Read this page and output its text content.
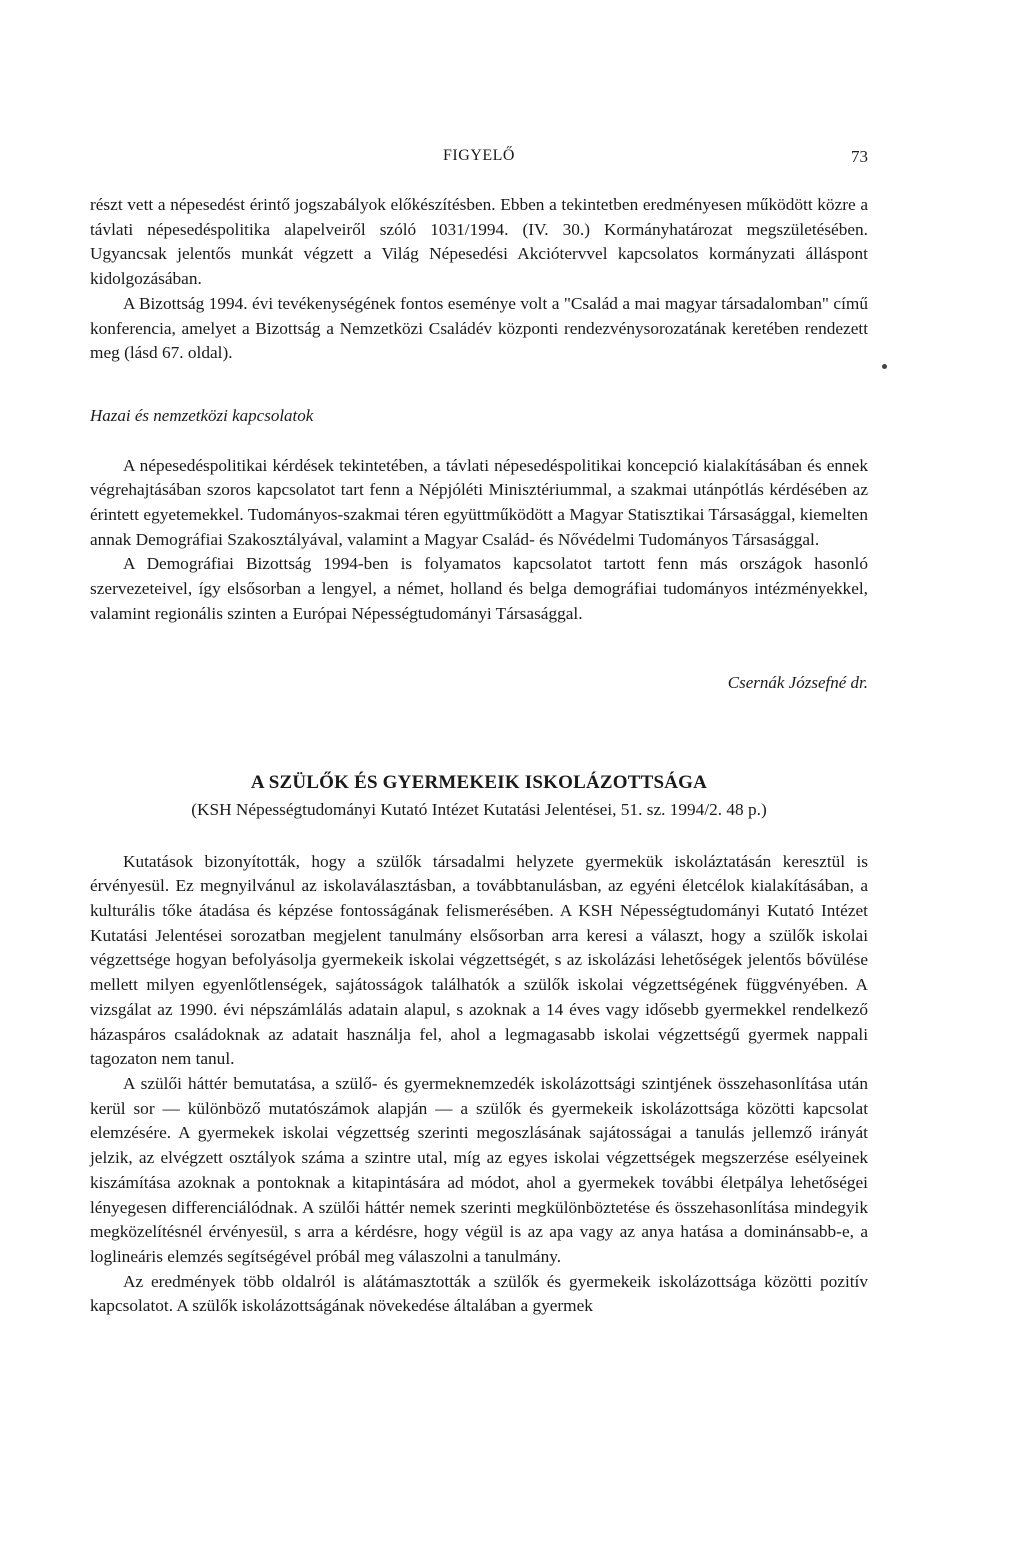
FIGYELŐ	73

részt vett a népesedést érintő jogszabályok előkészítésben. Ebben a tekintetben eredményesen működött közre a távlati népesedéspolitika alapelveiről szóló 1031/1994. (IV. 30.) Kormányhatározat megszületésében. Ugyancsak jelentős munkát végzett a Világ Népesedési Akciótervvel kapcsolatos kormányzati álláspont kidolgozásában.

A Bizottság 1994. évi tevékenységének fontos eseménye volt a "Család a mai magyar társadalomban" című konferencia, amelyet a Bizottság a Nemzetközi Családév központi rendezvénysorozatának keretében rendezett meg (lásd 67. oldal).

Hazai és nemzetközi kapcsolatok

A népesedéspolitikai kérdések tekintetében, a távlati népesedéspolitikai koncepció kialakításában és ennek végrehajtásában szoros kapcsolatot tart fenn a Népjóléti Minisztériummal, a szakmai utánpótlás kérdésében az érintett egyetemekkel. Tudományos-szakmai téren együttműködött a Magyar Statisztikai Társasággal, kiemelten annak Demográfiai Szakosztályával, valamint a Magyar Család- és Nővédelmi Tudományos Társasággal.

A Demográfiai Bizottság 1994-ben is folyamatos kapcsolatot tartott fenn más országok hasonló szervezeteivel, így elsősorban a lengyel, a német, holland és belga demográfiai tudományos intézményekkel, valamint regionális szinten a Európai Népességtudományi Társasággal.

Csernák Józsefné dr.

A SZÜLŐK ÉS GYERMEKEIK ISKOLÁZOTTSÁGA

(KSH Népességtudományi Kutató Intézet Kutatási Jelentései, 51. sz. 1994/2. 48 p.)

Kutatások bizonyították, hogy a szülők társadalmi helyzete gyermekük iskoláztatásán keresztül is érvényesül. Ez megnyilvánul az iskolaválasztásban, a továbbtanulásban, az egyéni életcélok kialakításában, a kulturális tőke átadása és képzése fontosságának felismerésében. A KSH Népességtudományi Kutató Intézet Kutatási Jelentései sorozatban megjelent tanulmány elsősorban arra keresi a választ, hogy a szülők iskolai végzettsége hogyan befolyásolja gyermekeik iskolai végzettségét, s az iskolázási lehetőségek jelentős bővülése mellett milyen egyenlőtlenségek, sajátosságok találhatók a szülők iskolai végzettségének függvényében. A vizsgálat az 1990. évi népszámlálás adatain alapul, s azoknak a 14 éves vagy idősebb gyermekkel rendelkező házaspáros családoknak az adatait használja fel, ahol a legmagasabb iskolai végzettségű gyermek nappali tagozaton nem tanul.

A szülői háttér bemutatása, a szülő- és gyermeknemzedék iskolázottsági szintjének összehasonlítása után kerül sor — különböző mutatószámok alapján — a szülők és gyermekeik iskolázottsága közötti kapcsolat elemzésére. A gyermekek iskolai végzettség szerinti megoszlásának sajátosságai a tanulás jellemző irányát jelzik, az elvégzett osztályok száma a szintre utal, míg az egyes iskolai végzettségek megszerzése esélyeinek kiszámítása azoknak a pontoknak a kitapintására ad módot, ahol a gyermekek további életpálya lehetőségei lényegesen differenciálódnak. A szülői háttér nemek szerinti megkülönböztetése és összehasonlítása mindegyik megközelítésnél érvényesül, s arra a kérdésre, hogy végül is az apa vagy az anya hatása a dominánsabb-e, a loglineáris elemzés segítségével próbál meg válaszolni a tanulmány.

Az eredmények több oldalról is alátámasztották a szülők és gyermekeik iskolázottsága közötti pozitív kapcsolatot. A szülők iskolázottságának növekedése általában a gyermek
